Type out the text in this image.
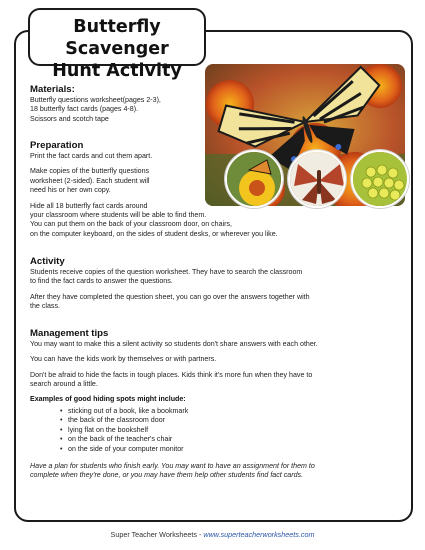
Butterfly Scavenger
Hunt Activity
Materials:
Butterfly questions worksheet(pages 2-3),
18 butterfly fact cards (pages 4-8).
Scissors and scotch tape
Preparation
Print the fact cards and cut them apart.
Make copies of the butterfly questions
worksheet (2-sided). Each student will
need his or her own copy.
Hide all 18 butterfly fact cards around
your classroom where students will be able to find them.
You can put them on the back of your classroom door, on chairs,
on the computer keyboard, on the sides of student desks, or wherever you like.
Activity
Students receive copies of the question worksheet. They have to search the classroom
to find the fact cards to answer the questions.
After they have completed the question sheet, you can go over the answers together with
the class.
Management tips
You may want to make this a silent activity so students don't share answers with each other.
You can have the kids work by themselves or with partners.
Don't be afraid to hide the facts in tough places. Kids think it's more fun when they have to
search around a little.
Examples of good hiding spots might include:
• sticking out of a book, like a bookmark
• the back of the classroom door
• lying flat on the bookshelf
• on the back of the teacher's chair
• on the side of your computer monitor
Have a plan for students who finish early. You may want to have an assignment for them to
complete when they're done, or you may have them help other students find fact cards.
Super Teacher Worksheets - www.superteacherworksheets.com
